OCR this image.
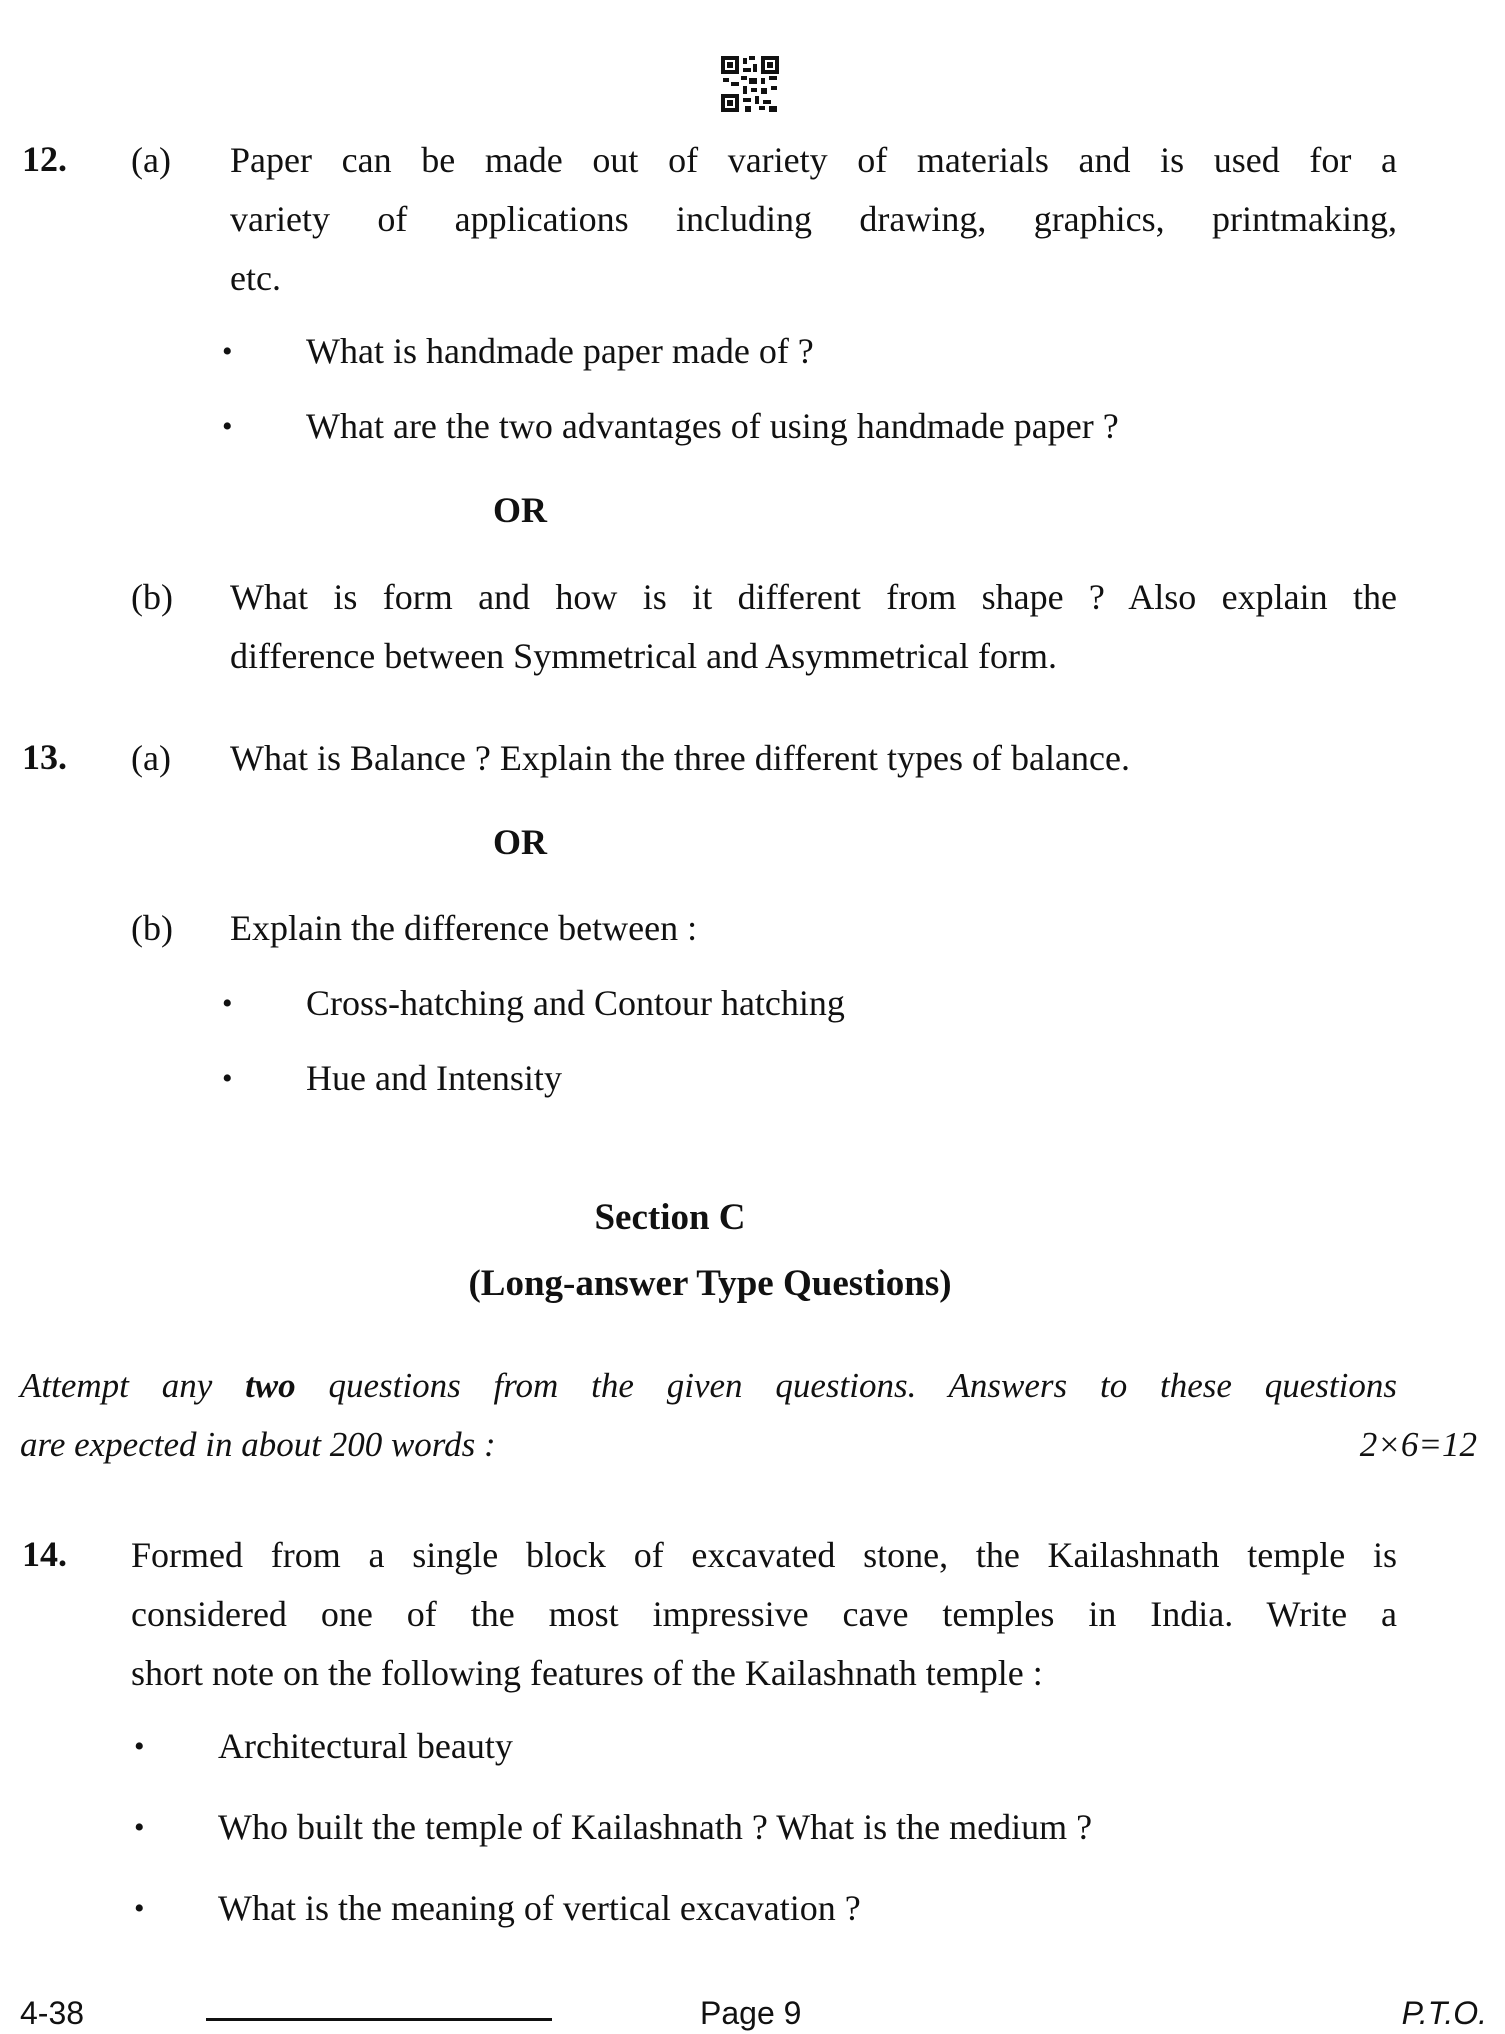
12. (a) Paper can be made out of variety of materials and is used for a
variety of applications including drawing, graphics, printmaking,
etc.
• What is handmade paper made of ?
• What are the two advantages of using handmade paper ?
OR
(b) What is form and how is it different from shape ? Also explain the
difference between Symmetrical and Asymmetrical form.
13. (a) What is Balance ? Explain the three different types of balance.
OR
(b) Explain the difference between :
• Cross-hatching and Contour hatching
• Hue and Intensity
Section C
(Long-answer Type Questions)
Attempt any two questions from the given questions. Answers to these questions
are expected in about 200 words :	2×6=12
14. Formed from a single block of excavated stone, the Kailashnath temple is
considered one of the most impressive cave temples in India. Write a
short note on the following features of the Kailashnath temple :
• Architectural beauty
• Who built the temple of Kailashnath ? What is the medium ?
• What is the meaning of vertical excavation ?
4-38	Page 9	P.T.O.
